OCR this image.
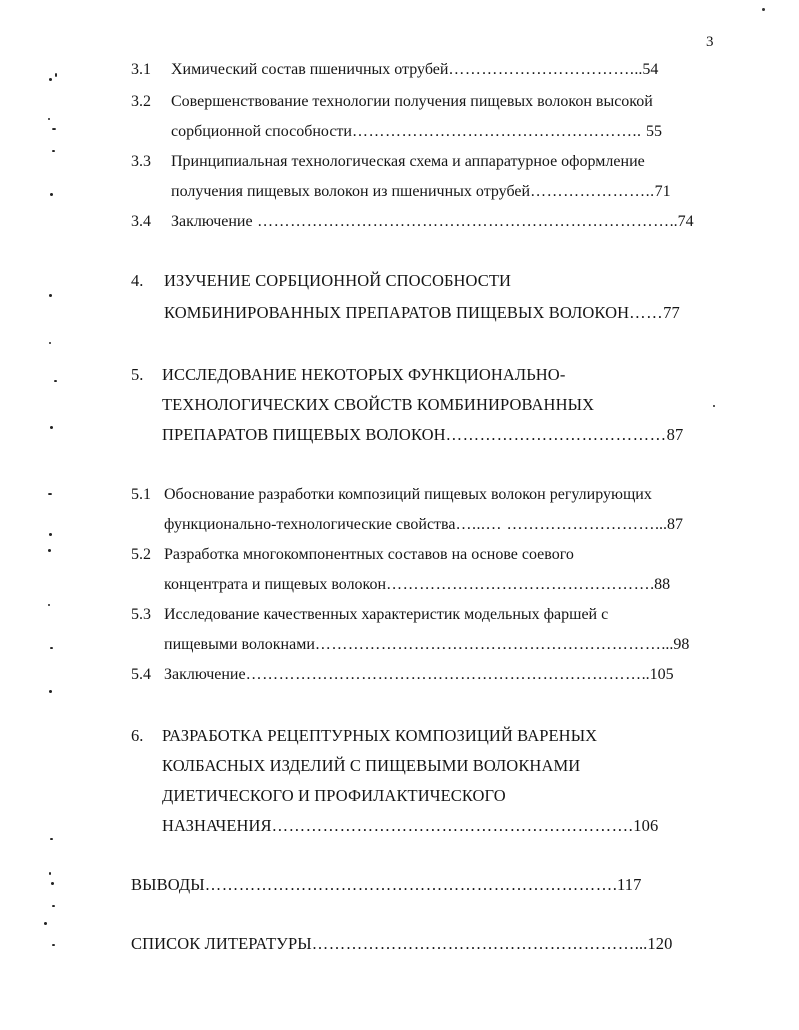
3
3.1 Химический состав пшеничных отрубей……………………………...54
3.2 Совершенствование технологии получения пищевых волокон высокой
сорбционной способности…………………………………………….. 55
3.3 Принципиальная технологическая схема и аппаратурное оформление
получения пищевых волокон из пшеничных отрубей…………………..71
3.4 Заключение …………………………………………………………………..74
4. ИЗУЧЕНИЕ СОРБЦИОННОЙ СПОСОБНОСТИ
КОМБИНИРОВАННЫХ ПРЕПАРАТОВ ПИЩЕВЫХ ВОЛОКОН……77
5. ИССЛЕДОВАНИЕ НЕКОТОРЫХ ФУНКЦИОНАЛЬНО-
ТЕХНОЛОГИЧЕСКИХ СВОЙСТВ КОМБИНИРОВАННЫХ
ПРЕПАРАТОВ ПИЩЕВЫХ ВОЛОКОН…………………………………87
5.1 Обоснование разработки композиций пищевых волокон регулирующих
функционально-технологические свойства…...… ………………………...87
5.2 Разработка многокомпонентных составов на основе соевого
концентрата и пищевых волокон………………………………………….88
5.3 Исследование качественных характеристик модельных фаршей с
пищевыми волокнами………………………………………………………...98
5.4 Заключение………………………………………………………………..105
6. РАЗРАБОТКА РЕЦЕПТУРНЫХ КОМПОЗИЦИЙ ВАРЕНЫХ
КОЛБАСНЫХ ИЗДЕЛИЙ С ПИЩЕВЫМИ ВОЛОКНАМИ
ДИЕТИЧЕСКОГО И ПРОФИЛАКТИЧЕСКОГО
НАЗНАЧЕНИЯ……………………………………………………….106
ВЫВОДЫ……………………………………………………………….117
СПИСОК ЛИТЕРАТУРЫ…………………………………………………...120
